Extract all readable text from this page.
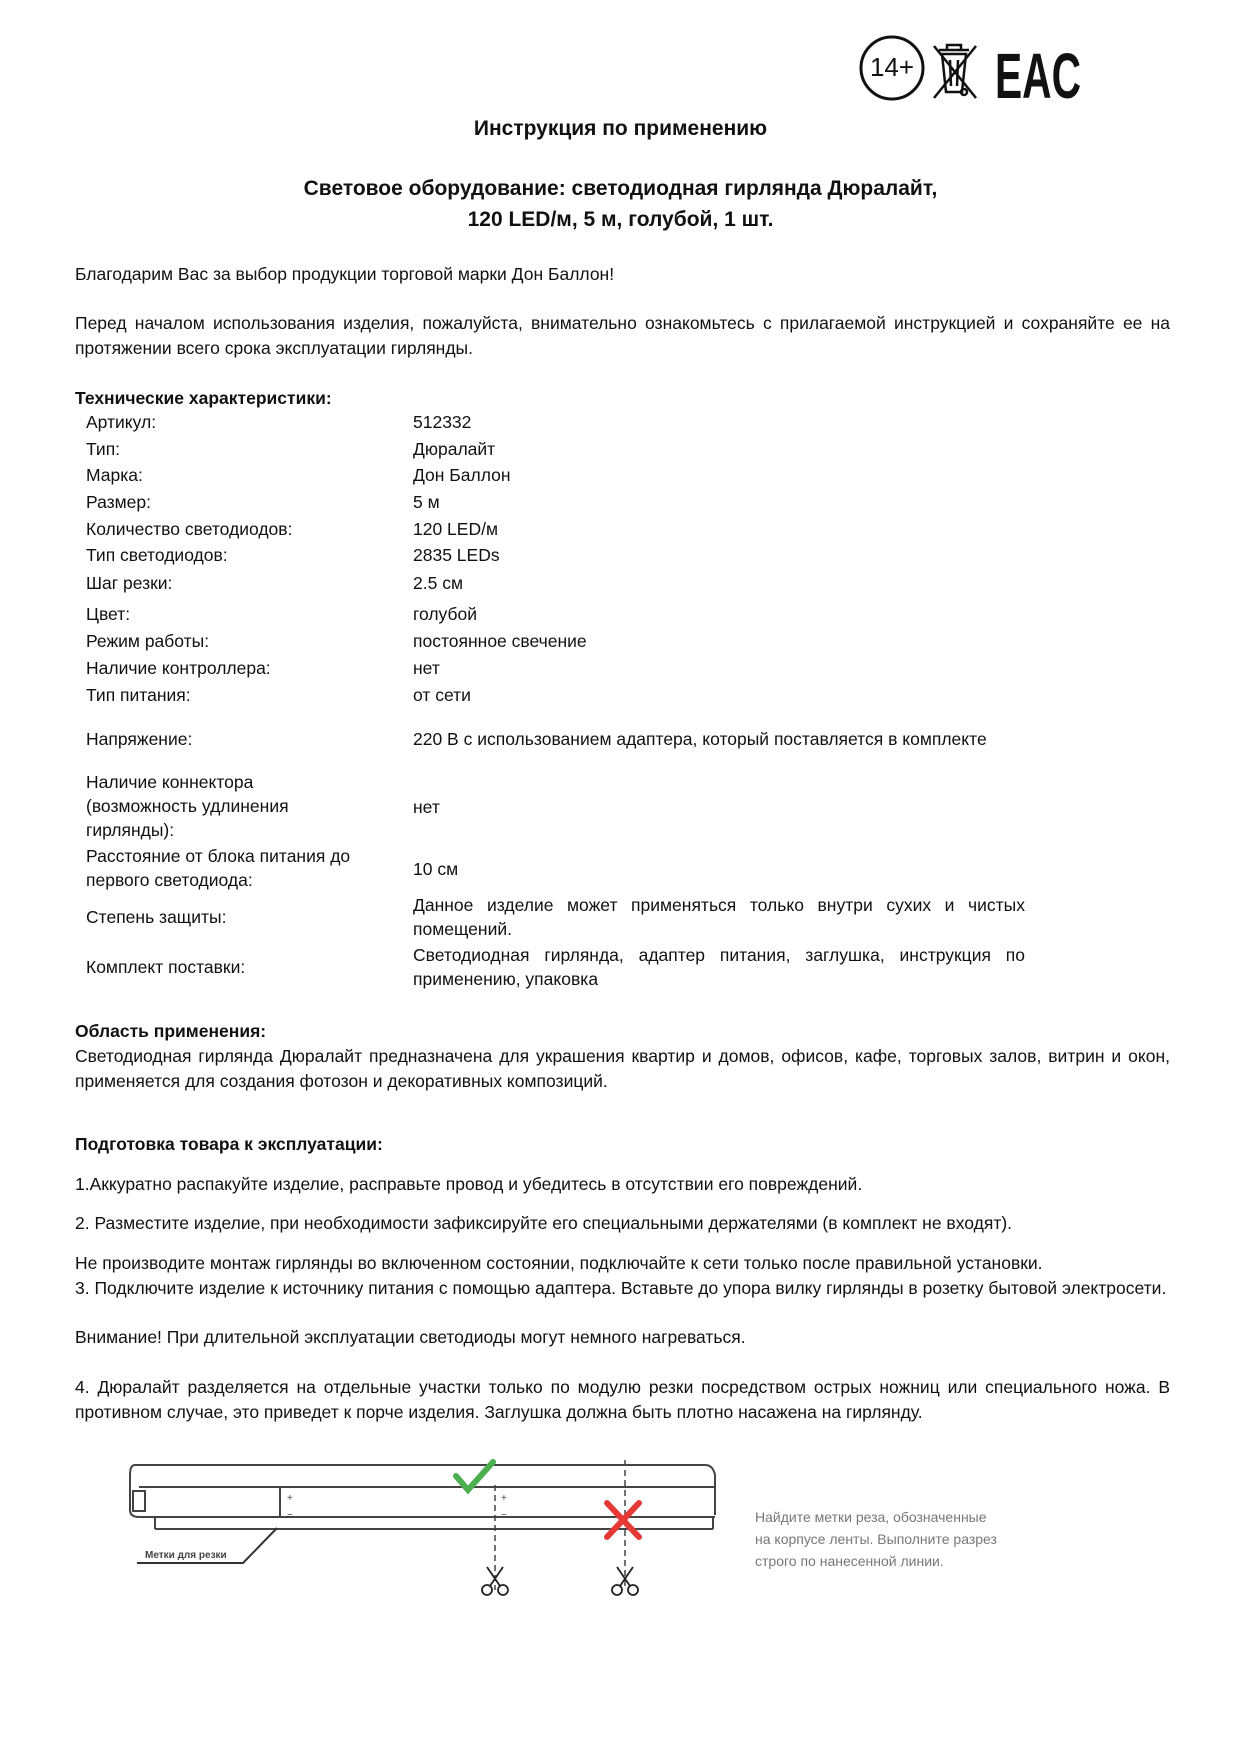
14+ EAC
Инструкция по применению
Световое оборудование: светодиодная гирлянда Дюралайт,
120 LED/м, 5 м, голубой, 1 шт.
Благодарим Вас за выбор продукции торговой марки Дон Баллон!
Перед началом использования изделия, пожалуйста, внимательно ознакомьтесь с прилагаемой инструкцией и сохраняйте ее на протяжении всего срока эксплуатации гирлянды.
Технические характеристики:
Артикул:	512332
Тип:	Дюралайт
Марка:	Дон Баллон
Размер:	5 м
Количество светодиодов:	120 LED/м
Тип светодиодов:	2835 LEDs
Шаг резки:	2.5 см
Цвет:	голубой
Режим работы:	постоянное свечение
Наличие контроллера:	нет
Тип питания:	от сети
Напряжение:	220 В с использованием адаптера, который поставляется в комплекте
Наличие коннектора (возможность удлинения гирлянды):
нет
Расстояние от блока питания до первого светодиода:
10 см
Степень защиты:
Данное изделие может применяться только внутри сухих и чистых помещений.
Комплект поставки:
Светодиодная гирлянда, адаптер питания, заглушка, инструкция по применению, упаковка
Область применения:
Светодиодная гирлянда Дюралайт предназначена для украшения квартир и домов, офисов, кафе, торговых залов, витрин и окон, применяется для создания фотозон и декоративных композиций.
Подготовка товара к эксплуатации:
1.Аккуратно распакуйте изделие, расправьте провод и убедитесь в отсутствии его повреждений.
2. Разместите изделие, при необходимости зафиксируйте его специальными держателями (в комплект не входят).
Не производите монтаж гирлянды во включенном состоянии, подключайте к сети только после правильной установки.
3. Подключите изделие к источнику питания с помощью адаптера. Вставьте до упора вилку гирлянды в розетку бытовой электросети.
Внимание! При длительной эксплуатации светодиоды могут немного нагреваться.
4. Дюралайт разделяется на отдельные участки только по модулю резки посредством острых ножниц или специального ножа. В противном случае, это приведет к порче изделия. Заглушка должна быть плотно насажена на гирлянду.
+
−
+
−
Метки для резки
Найдите метки реза, обозначенные
на корпусе ленты. Выполните разрез
строго по нанесенной линии.
